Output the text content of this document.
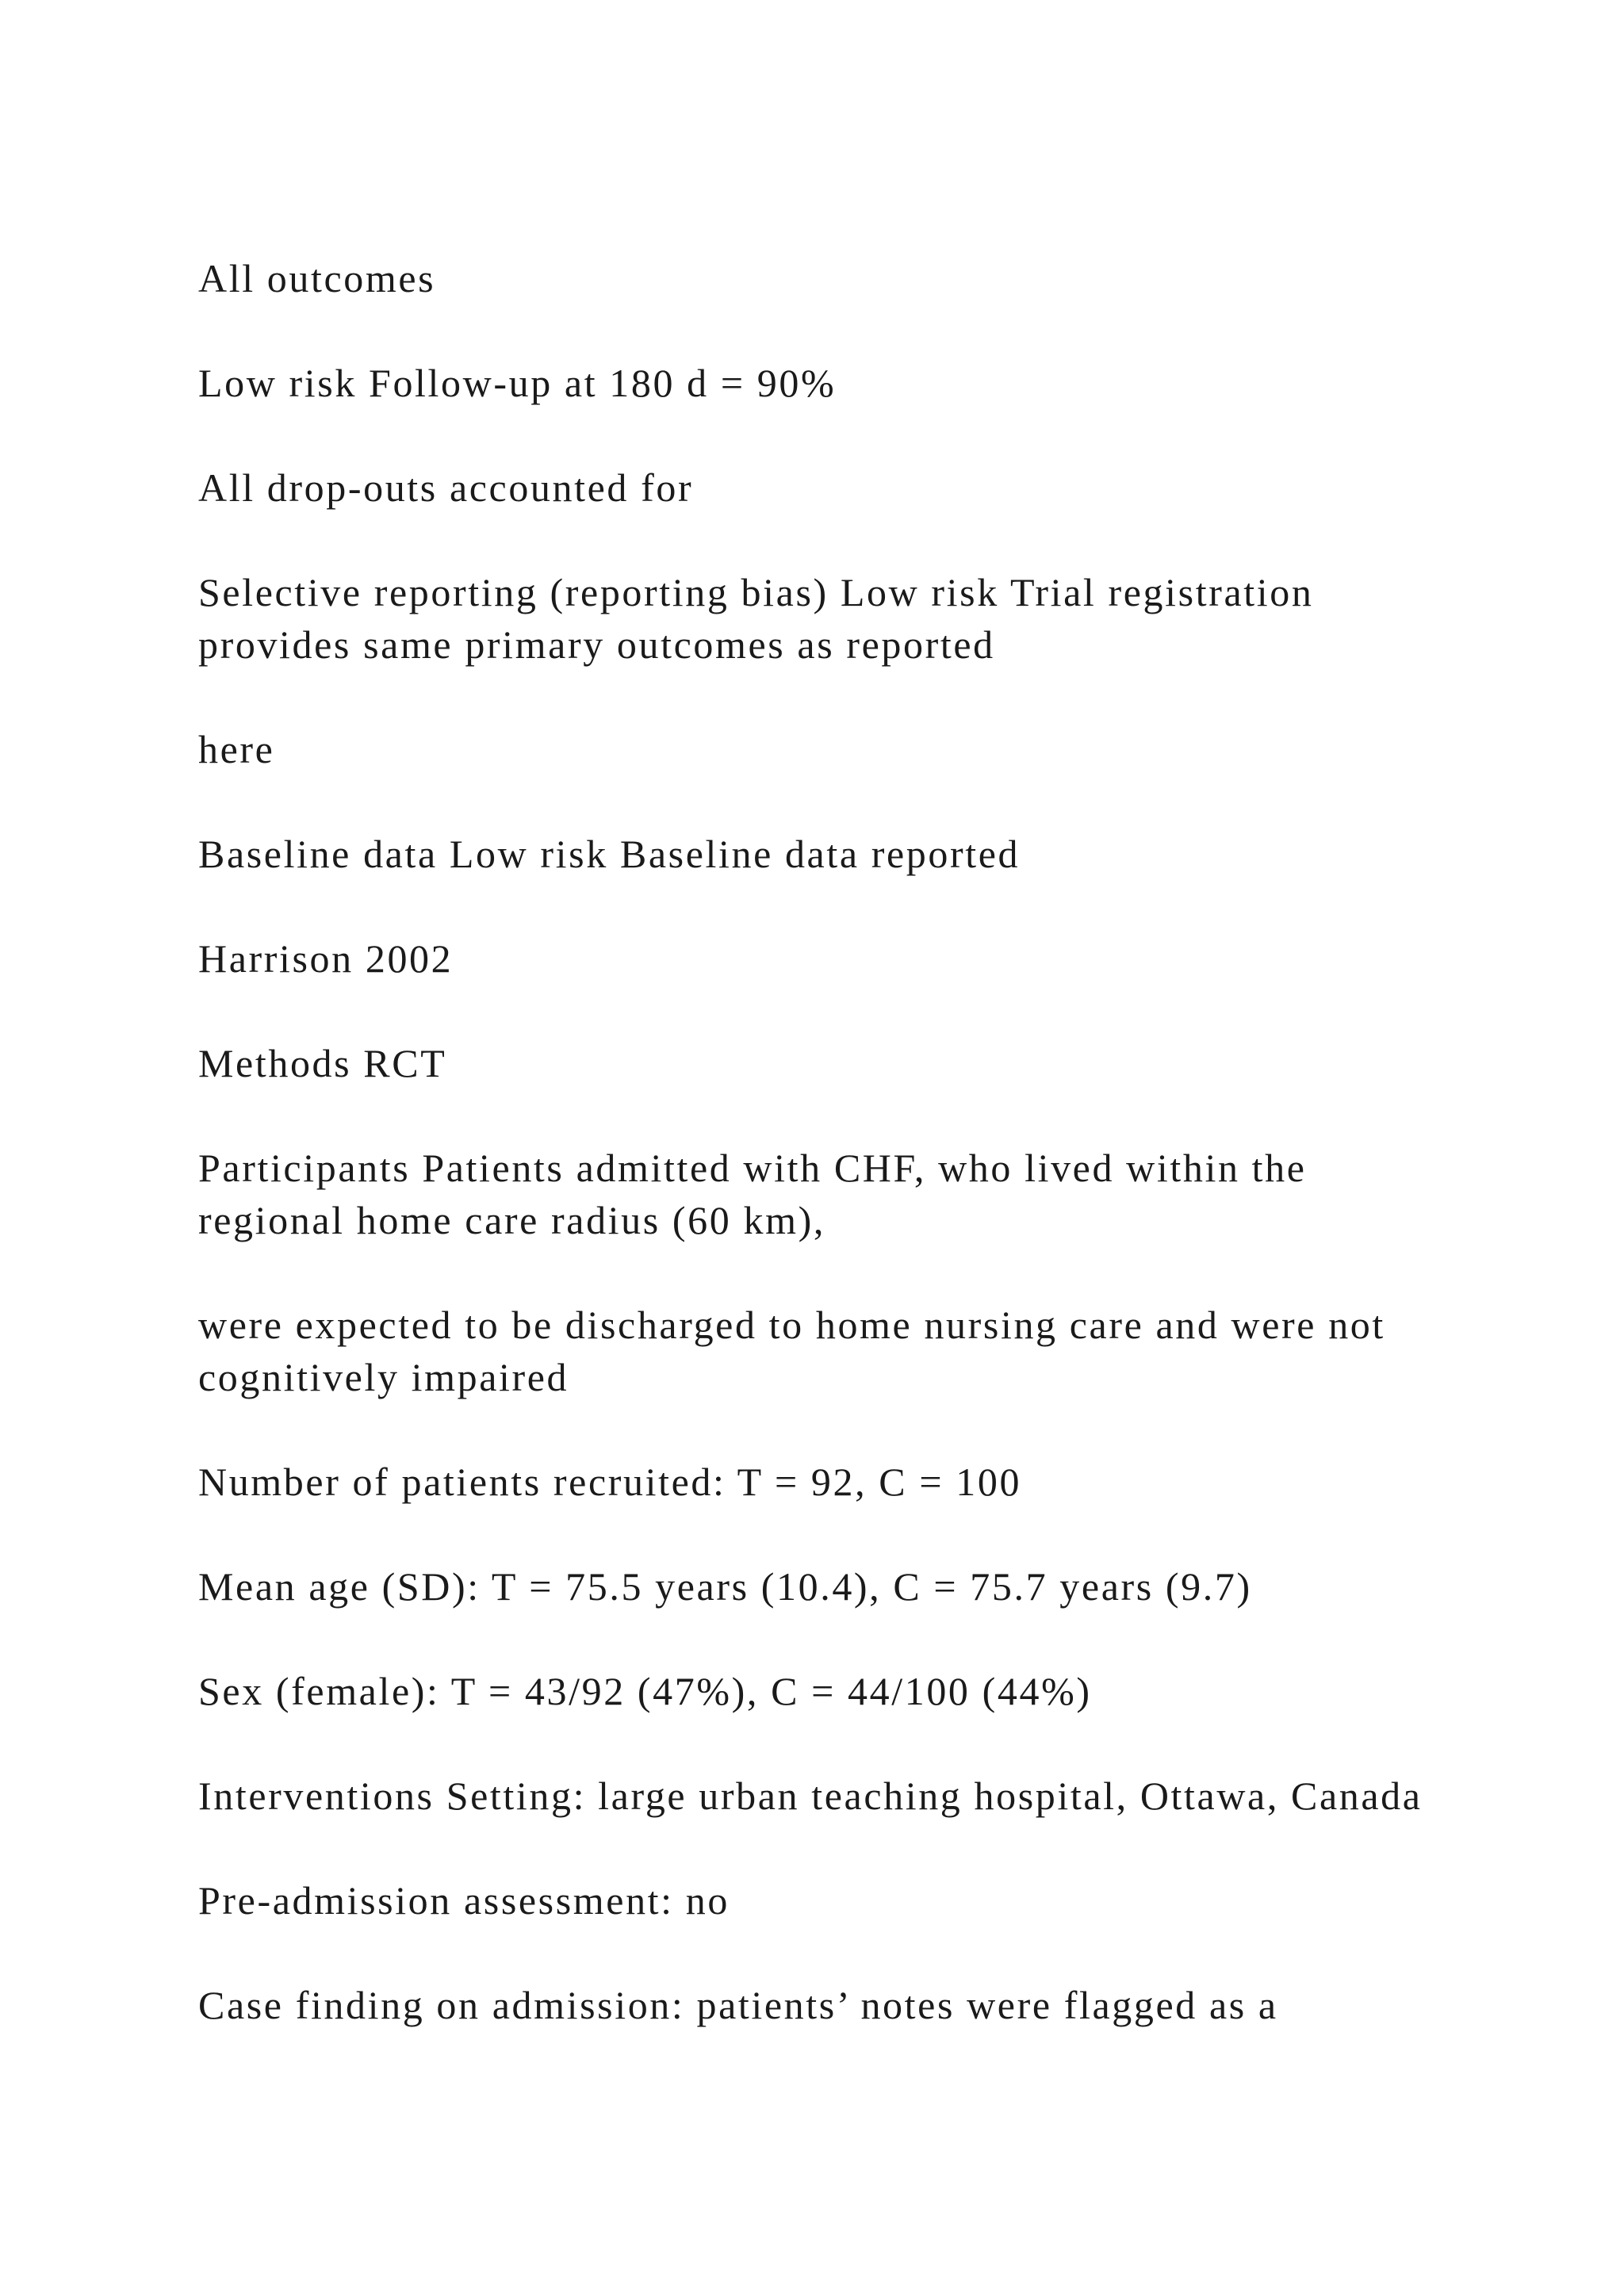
All outcomes

Low risk Follow-up at 180 d = 90%

All drop-outs accounted for

Selective reporting (reporting bias) Low risk Trial registration provides same primary outcomes as reported

here

Baseline data Low risk Baseline data reported

Harrison 2002

Methods RCT

Participants Patients admitted with CHF, who lived within the regional home care radius (60 km),

were expected to be discharged to home nursing care and were not cognitively impaired

Number of patients recruited: T = 92, C = 100

Mean age (SD): T = 75.5 years (10.4), C = 75.7 years (9.7)

Sex (female): T = 43/92 (47%), C = 44/100 (44%)

Interventions Setting: large urban teaching hospital, Ottawa, Canada

Pre-admission assessment: no

Case finding on admission: patients’ notes were flagged as a
